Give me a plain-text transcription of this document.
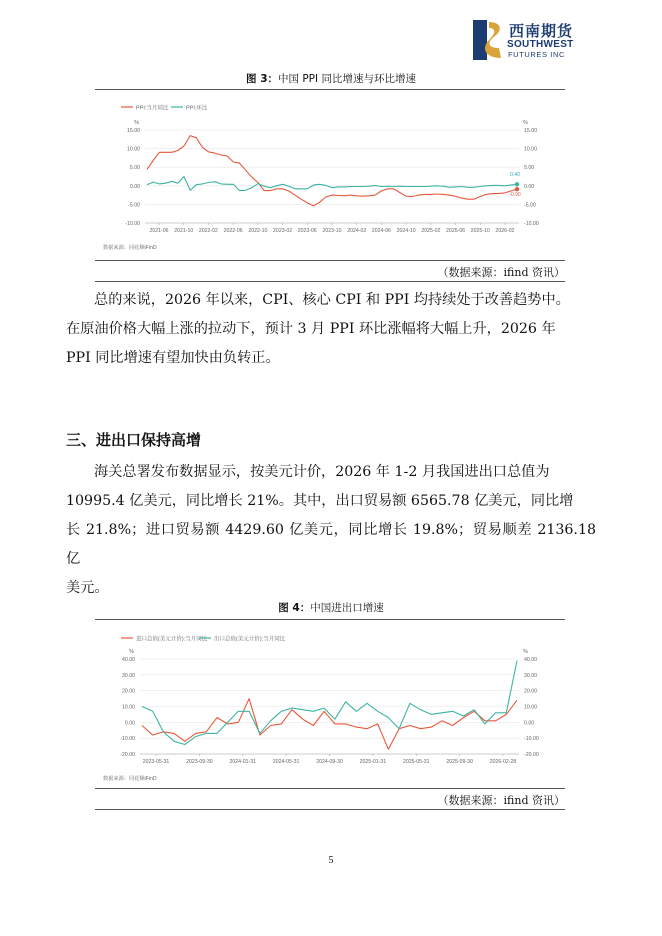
西南期货
SOUTHWEST
FUTURES INC
图 3：中国 PPI 同比增速与环比增速
PPI:当月同比	PPI:环比
%	%
15.00	15.00
10.00	10.00
5.00	5.00
0.00	0.00
-5.00	-5.00
-10.00	-10.00
2021-06 2021-10 2022-02 2022-06 2022-10 2023-02 2023-06 2023-10 2024-02 2024-06 2024-10 2025-02 2025-06 2025-10 2026-02
0.40
-0.90
数据来源：同花顺iFinD
（数据来源：ifind 资讯）
总的来说，2026 年以来，CPI、核心 CPI 和 PPI 均持续处于改善趋势中。
在原油价格大幅上涨的拉动下，预计 3 月 PPI 环比涨幅将大幅上升，2026 年
PPI 同比增速有望加快由负转正。
三、进出口保持高增
海关总署发布数据显示，按美元计价，2026 年 1-2 月我国进出口总值为
10995.4 亿美元，同比增长 21%。其中，出口贸易额 6565.78 亿美元，同比增
长 21.8%；进口贸易额 4429.60 亿美元，同比增长 19.8%；贸易顺差 2136.18 亿
美元。
图 4：中国进出口增速
进口总值(美元计价):当月同比 出口总值(美元计价):当月同比
%	%
40.00	40.00
30.00	30.00
20.00	20.00
10.00	10.00
0.00	0.00
-10.00	-10.00
-20.00	-20.00
2023-05-31	2023-09-30	2024-01-31	2024-05-31	2024-09-30	2025-01-31	2025-05-31	2025-09-30	2026-02-28
数据来源：同花顺iFinD
（数据来源：ifind 资讯）
5
